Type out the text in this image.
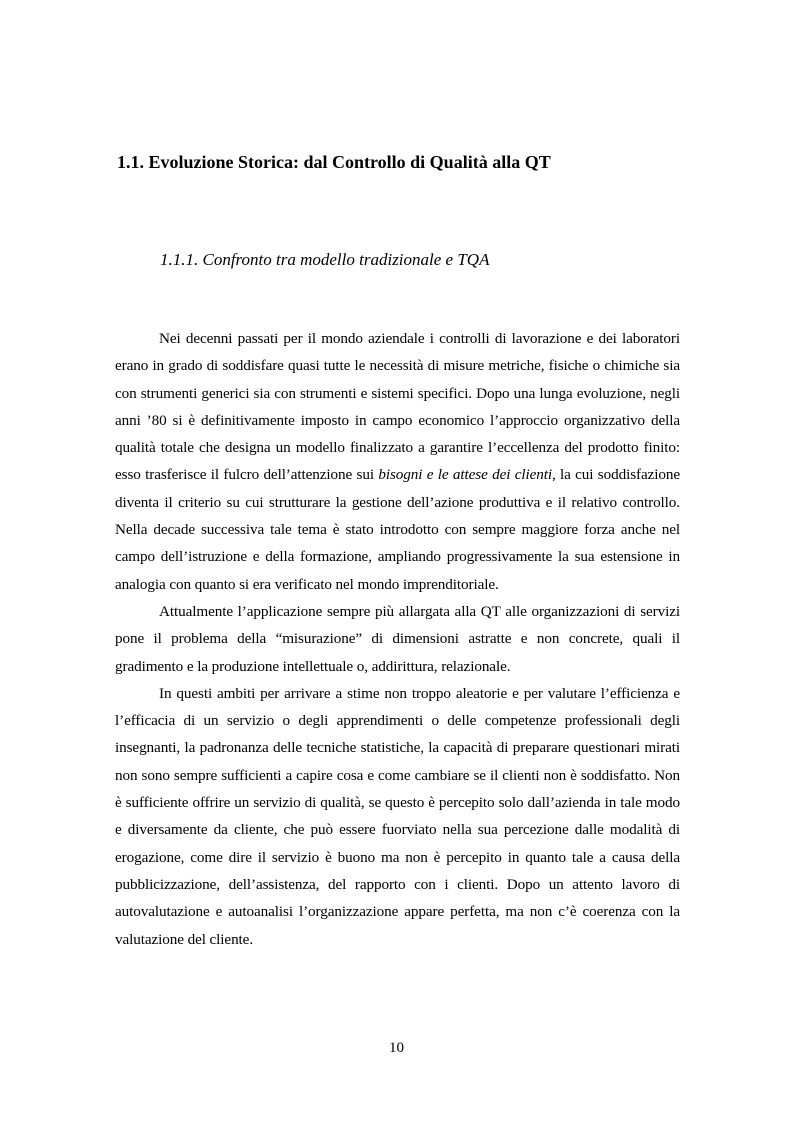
1.1. Evoluzione Storica: dal Controllo di Qualità alla QT
1.1.1. Confronto tra modello tradizionale e TQA

Nei decenni passati per il mondo aziendale i controlli di lavorazione e dei laboratori erano in grado di soddisfare quasi tutte le necessità di misure metriche, fisiche o chimiche sia con strumenti generici sia con strumenti e sistemi specifici. Dopo una lunga evoluzione, negli anni ’80 si è definitivamente imposto in campo economico l’approccio organizzativo della qualità totale che designa un modello finalizzato a garantire l’eccellenza del prodotto finito: esso trasferisce il fulcro dell’attenzione sui bisogni e le attese dei clienti, la cui soddisfazione diventa il criterio su cui strutturare la gestione dell’azione produttiva e il relativo controllo. Nella decade successiva tale tema è stato introdotto con sempre maggiore forza anche nel campo dell’istruzione e della formazione, ampliando progressivamente la sua estensione in analogia con quanto si era verificato nel mondo imprenditoriale.

Attualmente l’applicazione sempre più allargata alla QT alle organizzazioni di servizi pone il problema della “misurazione” di dimensioni astratte e non concrete, quali il gradimento e la produzione intellettuale o, addirittura, relazionale.

In questi ambiti per arrivare a stime non troppo aleatorie e per valutare l’efficienza e l’efficacia di un servizio o degli apprendimenti o delle competenze professionali degli insegnanti, la padronanza delle tecniche statistiche, la capacità di preparare questionari mirati non sono sempre sufficienti a capire cosa e come cambiare se il clienti non è soddisfatto. Non è sufficiente offrire un servizio di qualità, se questo è percepito solo dall’azienda in tale modo e diversamente da cliente, che può essere fuorviato nella sua percezione dalle modalità di erogazione, come dire il servizio è buono ma non è percepito in quanto tale a causa della pubblicizzazione, dell’assistenza, del rapporto con i clienti. Dopo un attento lavoro di autovalutazione e autoanalisi l’organizzazione appare perfetta, ma non c’è coerenza con la valutazione del cliente.

10
